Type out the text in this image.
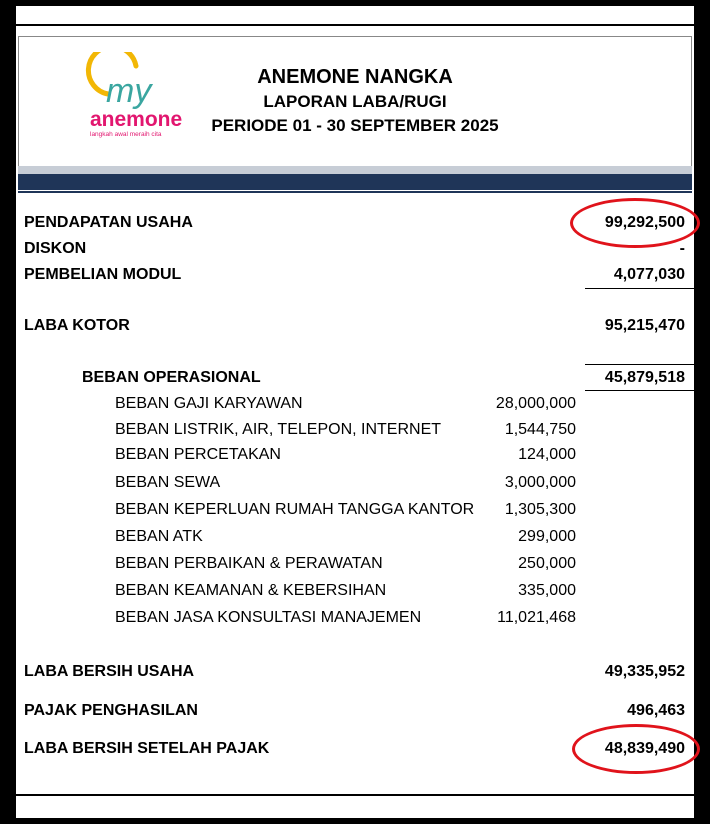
my
anemone
langkah awal meraih cita
ANEMONE NANGKA
LAPORAN LABA/RUGI
PERIODE 01 - 30 SEPTEMBER 2025
PENDAPATAN USAHA	99,292,500
DISKON	-
PEMBELIAN MODUL	4,077,030
LABA KOTOR	95,215,470
BEBAN OPERASIONAL	45,879,518
BEBAN GAJI KARYAWAN	28,000,000
BEBAN LISTRIK, AIR, TELEPON, INTERNET	1,544,750
BEBAN PERCETAKAN	124,000
BEBAN SEWA	3,000,000
BEBAN KEPERLUAN RUMAH TANGGA KANTOR	1,305,300
BEBAN ATK	299,000
BEBAN PERBAIKAN & PERAWATAN	250,000
BEBAN KEAMANAN & KEBERSIHAN	335,000
BEBAN JASA KONSULTASI MANAJEMEN	11,021,468
LABA BERSIH USAHA	49,335,952
PAJAK PENGHASILAN	496,463
LABA BERSIH SETELAH PAJAK	48,839,490
